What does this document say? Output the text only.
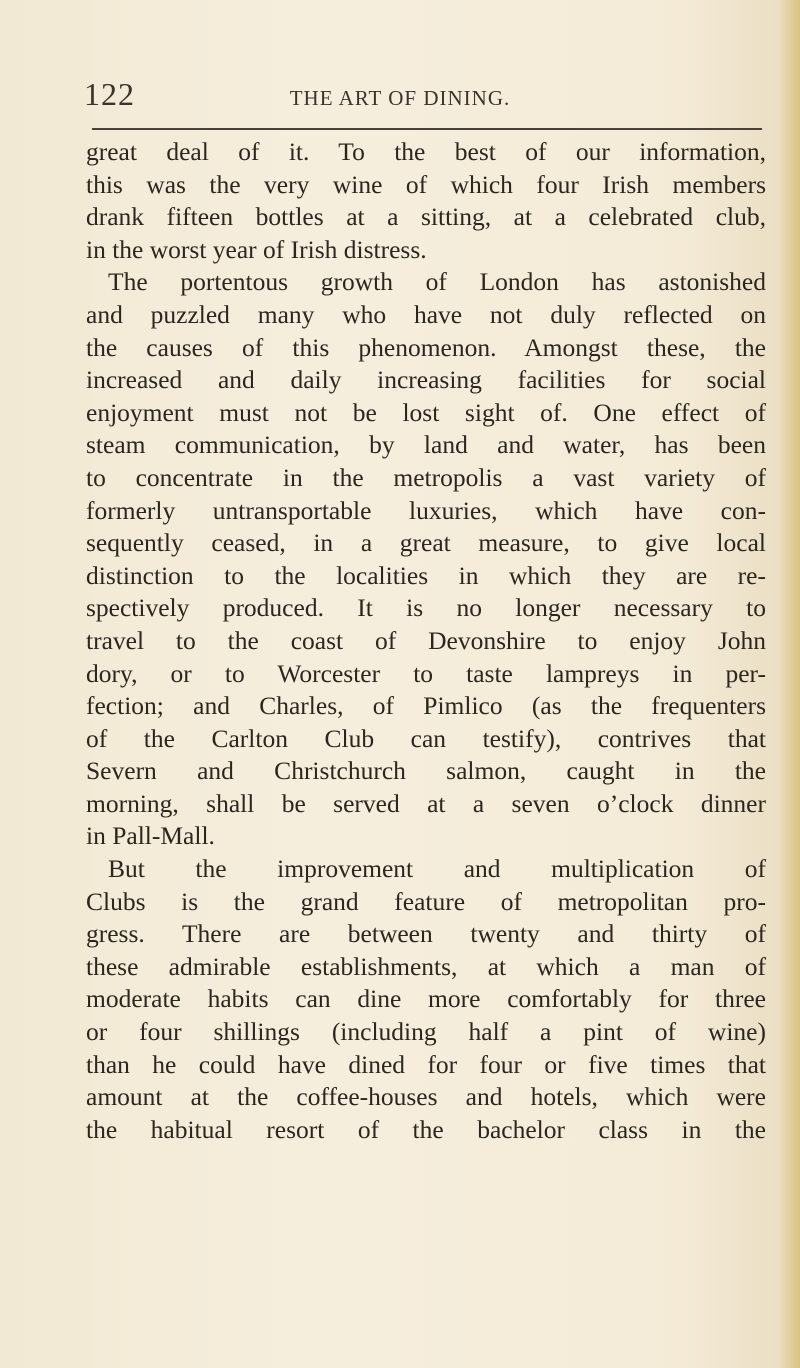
122	THE ART OF DINING.
great deal of it. To the best of our information,
this was the very wine of which four Irish members
drank fifteen bottles at a sitting, at a celebrated club,
in the worst year of Irish distress.
The portentous growth of London has astonished
and puzzled many who have not duly reflected on
the causes of this phenomenon. Amongst these, the
increased and daily increasing facilities for social
enjoyment must not be lost sight of. One effect of
steam communication, by land and water, has been
to concentrate in the metropolis a vast variety of
formerly untransportable luxuries, which have con-
sequently ceased, in a great measure, to give local
distinction to the localities in which they are re-
spectively produced. It is no longer necessary to
travel to the coast of Devonshire to enjoy John
dory, or to Worcester to taste lampreys in per-
fection; and Charles, of Pimlico (as the frequenters
of the Carlton Club can testify), contrives that
Severn and Christchurch salmon, caught in the
morning, shall be served at a seven o’clock dinner
in Pall-Mall.
But the improvement and multiplication of
Clubs is the grand feature of metropolitan pro-
gress. There are between twenty and thirty of
these admirable establishments, at which a man of
moderate habits can dine more comfortably for three
or four shillings (including half a pint of wine)
than he could have dined for four or five times that
amount at the coffee-houses and hotels, which were
the habitual resort of the bachelor class in the
